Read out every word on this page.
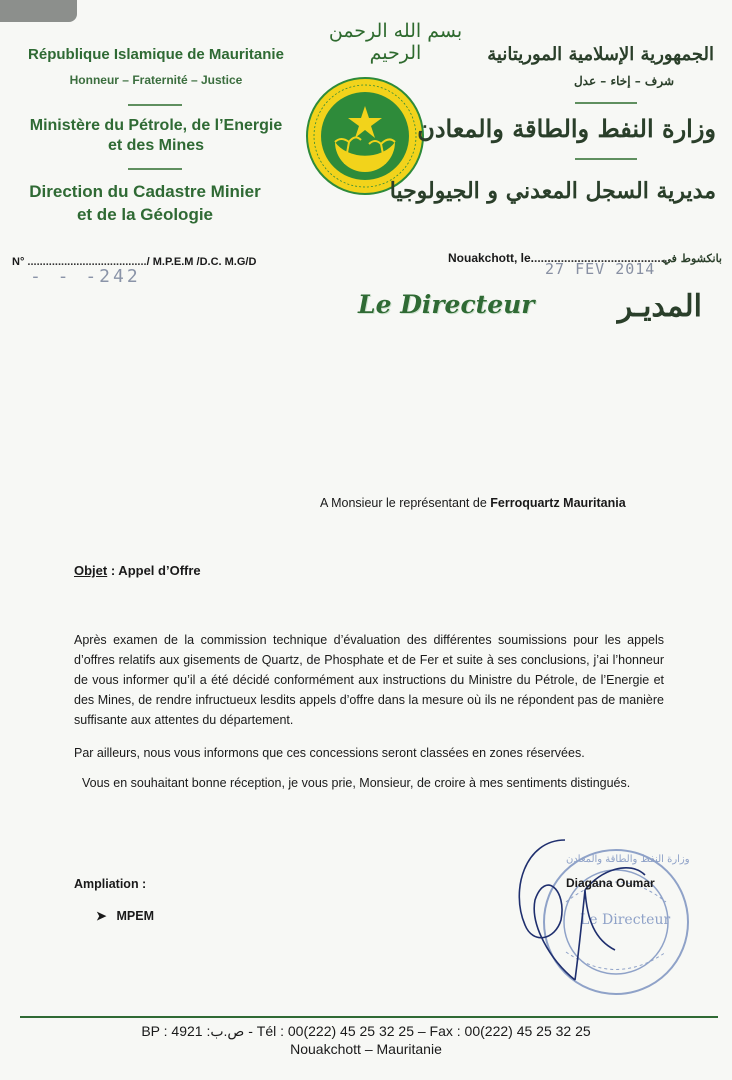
République Islamique de Mauritanie
Honneur – Fraternité – Justice
Ministère du Pétrole, de l’Energie
et des Mines
Direction du Cadastre Minier
et de la Géologie
بسم الله الرحمن الرحيم	الجمهورية الإسلامية الموريتانية
شرف – إخاء – عدل
وزارة النفط والطاقة والمعادن
مديرية السجل المعدني و الجيولوجيا
N° ......................................./ M.P.E.M /D.C. M.G/D
- - -242
Nouakchott, le.........................................
بانكشوط في
27 FEV 2014
Le Directeur	المديـر
A Monsieur le représentant de Ferroquartz Mauritania
Objet : Appel d’Offre
Après examen de la commission technique d’évaluation des différentes soumissions pour les appels d’offres relatifs aux gisements de Quartz, de Phosphate et de Fer et suite à ses conclusions, j’ai l’honneur de vous informer qu’il a été décidé conformément aux instructions du Ministre du Pétrole, de l’Energie et des Mines, de rendre infructueux lesdits appels d’offre dans la mesure où ils ne répondent pas de manière suffisante aux attentes du département.
Par ailleurs, nous vous informons que ces concessions seront classées en zones réservées.
Vous en souhaitant bonne réception, je vous prie, Monsieur, de croire à mes sentiments distingués.
Ampliation :
➤ MPEM	Le Directeur
وزارة النفط والطاقة والمعادن
Diagana Oumar
BP : 4921 :ص.ب - Tél : 00(222) 45 25 32 25 – Fax : 00(222) 45 25 32 25
Nouakchott – Mauritanie
